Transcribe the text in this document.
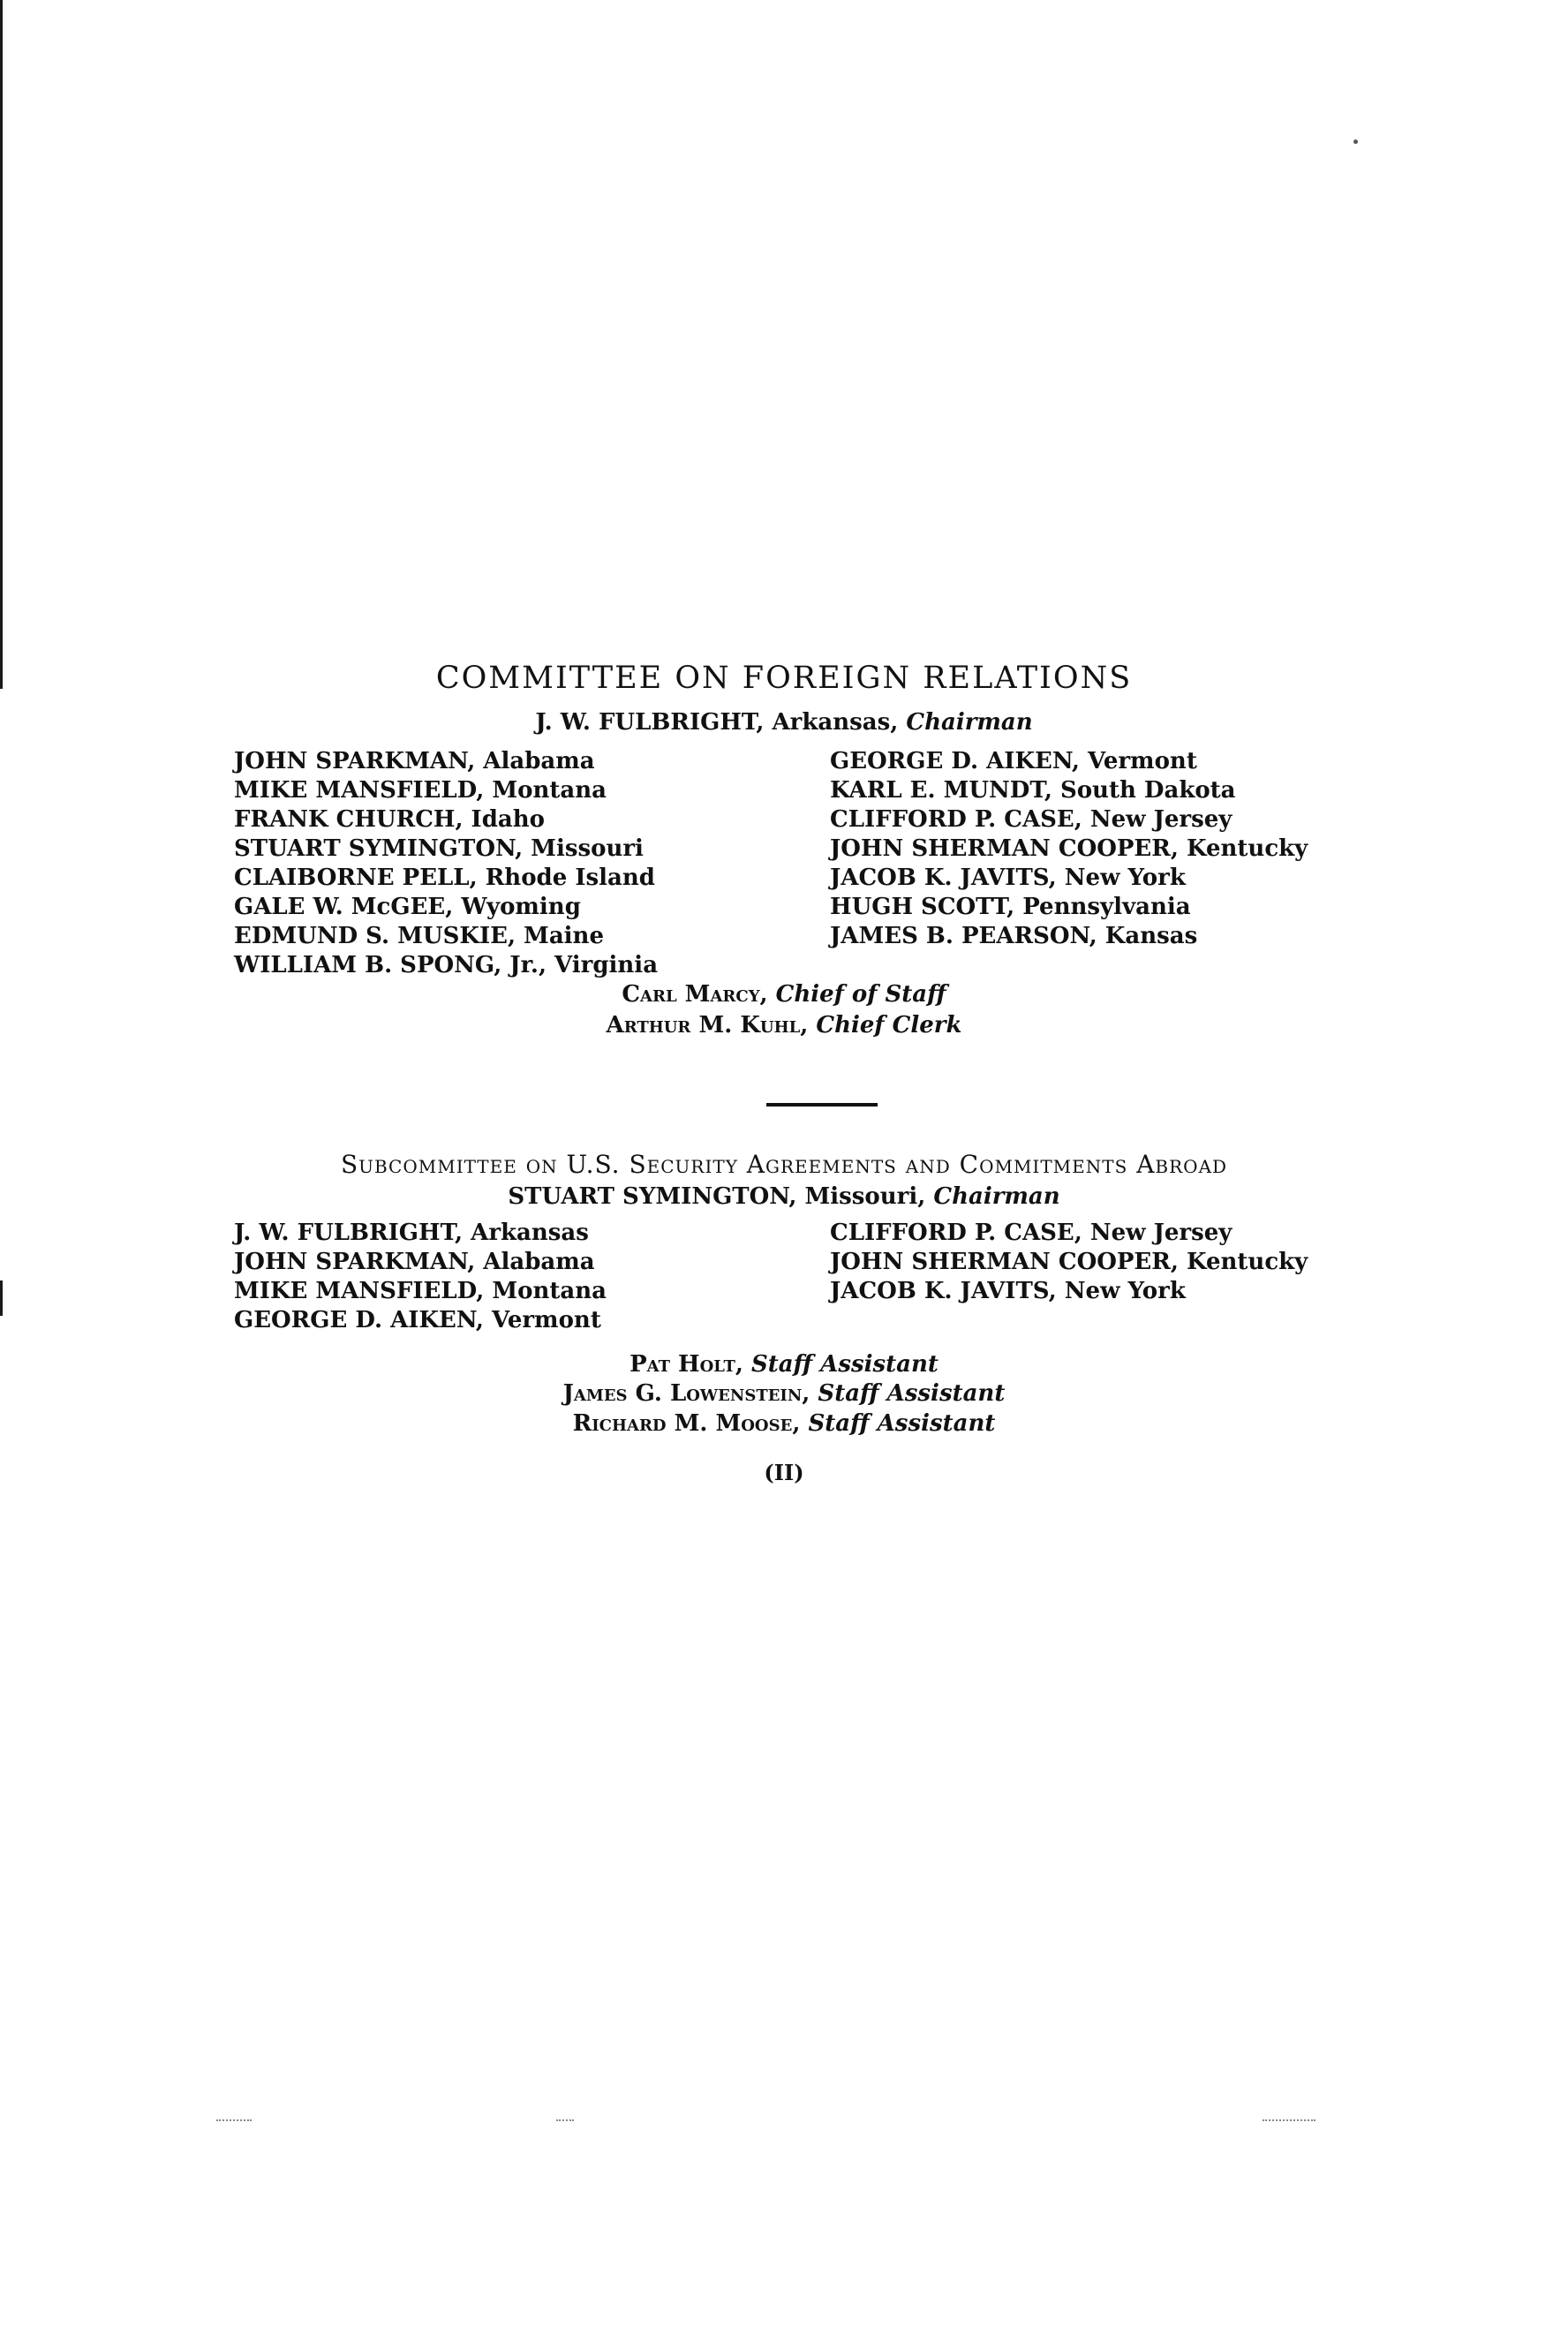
COMMITTEE ON FOREIGN RELATIONS
J. W. FULBRIGHT, Arkansas, Chairman
JOHN SPARKMAN, Alabama
MIKE MANSFIELD, Montana
FRANK CHURCH, Idaho
STUART SYMINGTON, Missouri
CLAIBORNE PELL, Rhode Island
GALE W. McGEE, Wyoming
EDMUND S. MUSKIE, Maine
WILLIAM B. SPONG, Jr., Virginia
GEORGE D. AIKEN, Vermont
KARL E. MUNDT, South Dakota
CLIFFORD P. CASE, New Jersey
JOHN SHERMAN COOPER, Kentucky
JACOB K. JAVITS, New York
HUGH SCOTT, Pennsylvania
JAMES B. PEARSON, Kansas
Carl Marcy, Chief of Staff
Arthur M. Kuhl, Chief Clerk
Subcommittee on U.S. Security Agreements and Commitments Abroad
STUART SYMINGTON, Missouri, Chairman
J. W. FULBRIGHT, Arkansas
JOHN SPARKMAN, Alabama
MIKE MANSFIELD, Montana
GEORGE D. AIKEN, Vermont
CLIFFORD P. CASE, New Jersey
JOHN SHERMAN COOPER, Kentucky
JACOB K. JAVITS, New York
Pat Holt, Staff Assistant
James G. Lowenstein, Staff Assistant
Richard M. Moose, Staff Assistant
(II)
